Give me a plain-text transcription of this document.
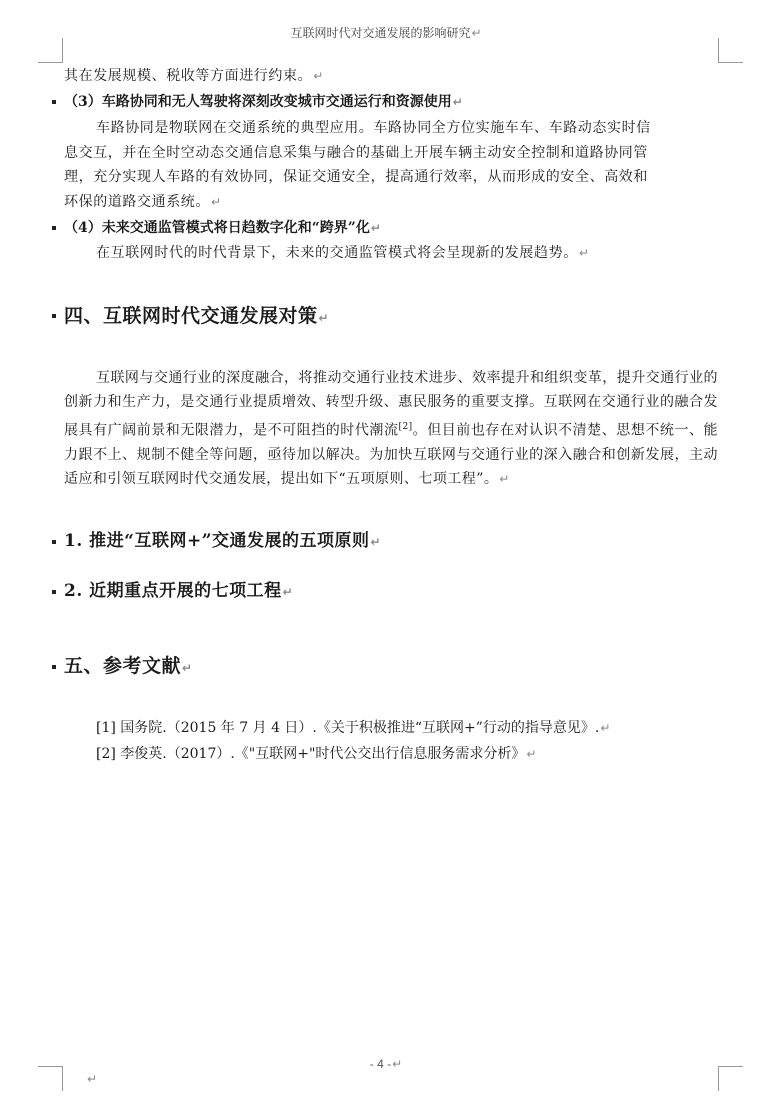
互联网时代对交通发展的影响研究↵
其在发展规模、税收等方面进行约束。↵
（3）车路协同和无人驾驶将深刻改变城市交通运行和资源使用↵
车路协同是物联网在交通系统的典型应用。车路协同全方位实施车车、车路动态实时信
息交互，并在全时空动态交通信息采集与融合的基础上开展车辆主动安全控制和道路协同管
理，充分实现人车路的有效协同，保证交通安全，提高通行效率，从而形成的安全、高效和
环保的道路交通系统。↵
（4）未来交通监管模式将日趋数字化和“跨界”化↵
在互联网时代的时代背景下，未来的交通监管模式将会呈现新的发展趋势。↵
四、互联网时代交通发展对策↵
互联网与交通行业的深度融合，将推动交通行业技术进步、效率提升和组织变革，提升交通行业的创新力和生产力，是交通行业提质增效、转型升级、惠民服务的重要支撑。互联网在交通行业的融合发展具有广阔前景和无限潜力，是不可阻挡的时代潮流[2]。但目前也存在对认识不清楚、思想不统一、能力跟不上、规制不健全等问题，亟待加以解决。为加快互联网与交通行业的深入融合和创新发展，主动适应和引领互联网时代交通发展，提出如下“五项原则、七项工程”。↵
1. 推进“互联网+”交通发展的五项原则↵
2. 近期重点开展的七项工程↵
五、参考文献↵
[1] 国务院.（2015 年 7 月 4 日）.《关于积极推进“互联网+”行动的指导意见》.↵
[2] 李俊英.（2017）.《"互联网+"时代公交出行信息服务需求分析》↵
- 4 -↵
↵
